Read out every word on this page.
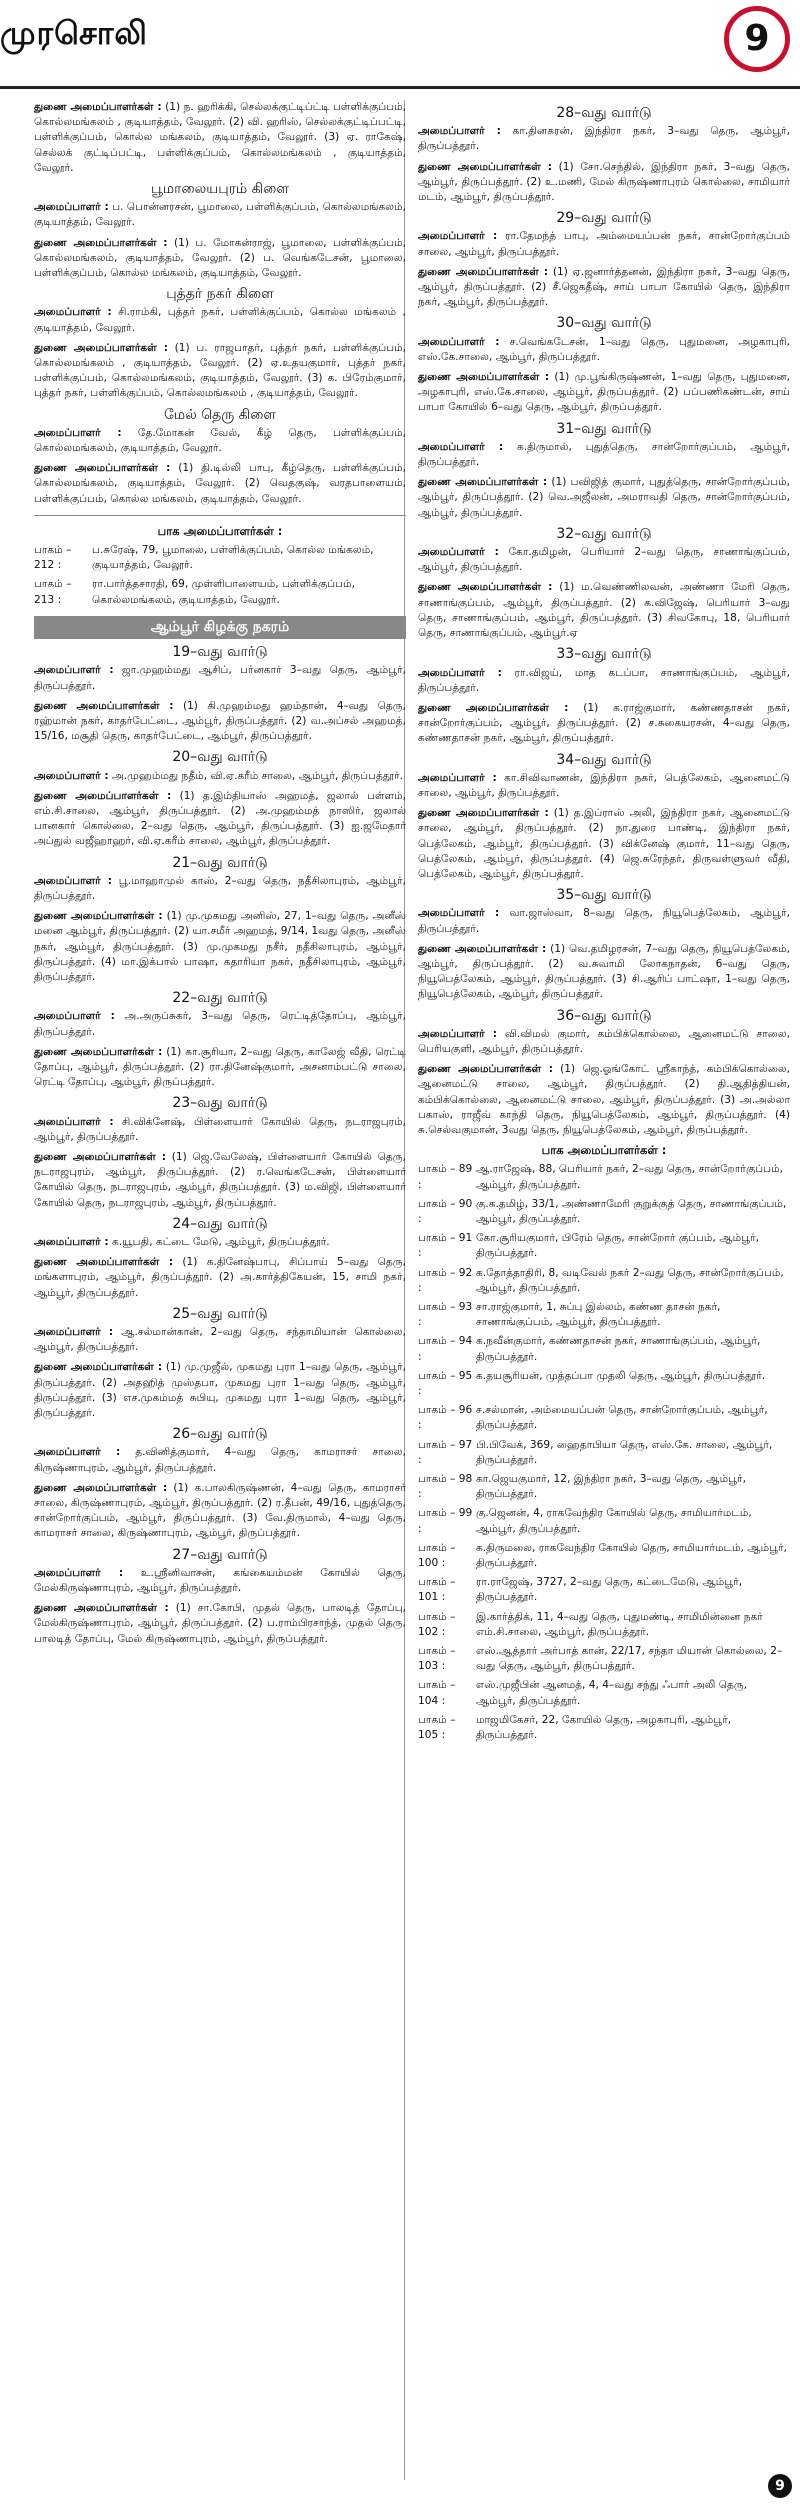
முரசொலி	9

துணை அமைப்பாளர்கள் : (1) ந. ஹரிக்கி, செல்லக்குட்டிப்ட்டி பள்ளிக்குப்பம், கொல்லமங்கலம் , குடியாத்தம், வேலூர். (2) வி. ஹரிஸ், செல்லக்குட்டிப்பட்டி, பள்ளிக்குப்பம், கொல்ல மங்கலம், குடியாத்தம், வேலூர். (3) ஏ. ராகேஷ், செல்லக் குட்டிப்பட்டி, பள்ளிக்குப்பம், கொல்லமங்கலம் , குடியாத்தம், வேலூர்.

பூமாலையபுரம் கிளை

அமைப்பாளர் : ப. பொன்னரசன், பூமாலை, பள்ளிக்குப்பம், கொல்லமங்கலம், குடியாத்தம், வேலூர்.

துணை அமைப்பாளர்கள் : (1) ப. மோகன்ராஜ், பூமாலை, பள்ளிக்குப்பம், கொல்லமங்கலம், குடியாத்தம், வேலூர். (2) ப. வெங்கடேசன், பூமாலை, பள்ளிக்குப்பம், கொல்ல மங்கலம், குடியாத்தம், வேலூர்.

புத்தர் நகர் கிளை

அமைப்பாளர் : சி.ராம்கி, புத்தர் நகர், பள்ளிக்குப்பம், கொல்ல மங்கலம் , குடியாத்தம், வேலூர்.

துணை அமைப்பாளர்கள் : (1) ப. ராஜபாதர், புத்தர் நகர், பள்ளிக்குப்பம், கொல்லமங்கலம் , குடியாத்தம், வேலூர். (2) ஏ.உதயகுமார், புத்தர் நகர், பள்ளிக்குப்பம், கொல்லமங்கலம், குடியாத்தம், வேலூர். (3) க. பிரேம்குமார், புத்தர் நகர், பள்ளிக்குப்பம், கொல்லமங்கலம் , குடியாத்தம், வேலூர்.

மேல் தெரு கிளை

அமைப்பாளர் : தே.மோகன் வேல், கீழ் தெரு, பள்ளிக்குப்பம், கொல்லமங்கலம், குடியாத்தம், வேலூர்.

துணை அமைப்பாளர்கள் : (1) தி.டில்லி பாபு, கீழ்தெரு, பள்ளிக்குப்பம், கொல்லமங்கலம், குடியாத்தம், வேலூர். (2) வெதகுஷ், வரதபாளையம், பள்ளிக்குப்பம், கொல்ல மங்கலம், குடியாத்தம், வேலூர்.

பாக அமைப்பாளர்கள் :
பாகம் – 212 :
ப.சுரேஷ், 79, பூமாலை, பள்ளிக்குப்பம், கொல்ல மங்கலம், குடியாத்தம், வேலூர்.
பாகம் – 213 :
ரா.பார்த்தசாரதி, 69, முள்ளிபாளையம், பள்ளிக்குப்பம், கொல்லமங்கலம், குடியாத்தம், வேலூர்.
ஆம்பூர் கிழக்கு நகரம்
19–வது வார்டு

அமைப்பாளர் : ஜா.முஹம்மது ஆசிப், பர்னகார் 3–வது தெரு, ஆம்பூர், திருப்பத்தூர்.

துணை அமைப்பாளர்கள் : (1) கி.முஹம்மது ஹம்தான், 4–வது தெரு, ரஹ்மான் நகர், காதர்பேட்டை, ஆம்பூர், திருப்பத்தூர். (2) வ.அப்சல் அஹமத், 15/16, மசூதி தெரு, காதர்பேட்டை, ஆம்பூர், திருப்பத்தூர்.

20–வது வார்டு

அமைப்பாளர் : அ.முஹம்மது நதீம், வி.ஏ.கரீம் சாலை, ஆம்பூர், திருப்பத்தூர்.

துணை அமைப்பாளர்கள் : (1) த.இம்தியாஸ் அஹமத், ஜலால் பள்ளம், எம்.சி.சாலை, ஆம்பூர், திருப்பத்தூர். (2) அ.முஹம்மத் நாஸிர், ஜலால் பானகார் கொல்லை, 2–வது தெரு, ஆம்பூர், திருப்பத்தூர். (3) ஐ.ஜமேதார் அப்துல் வஜீஹாஹர், வி.ஏ.கரீம் சாலை, ஆம்பூர், திருப்பத்தூர்.

21–வது வார்டு

அமைப்பாளர் : பூ.மாஹாமுல் காஸ், 2–வது தெரு, நதீசிலாபுரம், ஆம்பூர், திருப்பத்தூர்.

துணை அமைப்பாளர்கள் : (1) மு.முகமது அனிஸ், 27, 1–வது தெரு, அனீஸ் மனை ஆம்பூர், திருப்பத்தூர். (2) யா.சமீர் அஹமத், 9/14, 1வது தெரு, அனீஸ் நகர், ஆம்பூர், திருப்பத்தூர். (3) மு.முகமது நசீர், நதீசிலாபுரம், ஆம்பூர், திருப்பத்தூர். (4) மா.இக்பால் பாஷா, கதாரியா நகர், நதீசிலாபுரம், ஆம்பூர், திருப்பத்தூர்.

22–வது வார்டு

அமைப்பாளர் : அ.அருப்சுகர், 3–வது தெரு, ரெட்டித்தோப்பு, ஆம்பூர், திருப்பத்தூர்.

துணை அமைப்பாளர்கள் : (1) கா.சூரியா, 2–வது தெரு, காலேஜ் வீதி, ரெட்டி தோப்பு, ஆம்பூர், திருப்பத்தூர். (2) ரா.தினேஷ்குமார், அசனாம்பட்டு சாலை, ரெட்டி தோப்பு, ஆம்பூர், திருப்பத்தூர்.

23–வது வார்டு

அமைப்பாளர் : சி.விக்னேஷ், பிள்ளையார் கோயில் தெரு, நடராஜபுரம், ஆம்பூர், திருப்பத்தூர்.

துணை அமைப்பாளர்கள் : (1) ஜெ.வேலேஷ், பிள்ளையார் கோயில் தெரு, நடராஜபுரம், ஆம்பூர், திருப்பத்தூர். (2) ர.வெங்கடேசன், பிள்ளையார் கோயில் தெரு, நடராஜபுரம், ஆம்பூர், திருப்பத்தூர். (3) ம.விஜி, பிள்ளையார் கோயில் தெரு, நடராஜபுரம், ஆம்பூர், திருப்பத்தூர்.

24–வது வார்டு

அமைப்பாளர் : க.யூபதி, கட்டை மேடு, ஆம்பூர், திருப்பத்தூர்.

துணை அமைப்பாளர்கள் : (1) க.தினேஷ்பாபு, சிப்பாய் 5–வது தெரு, மங்களாபுரம், ஆம்பூர், திருப்பத்தூர். (2) அ.கார்த்திகேயன், 15, சாமி நகர், ஆம்பூர், திருப்பத்தூர்.

25–வது வார்டு

அமைப்பாளர் : ஆ.சல்மான்கான், 2–வது தெரு, சந்தாமியான் கொல்லை, ஆம்பூர், திருப்பத்தூர்.

துணை அமைப்பாளர்கள் : (1) மு.முஜீல், முகமது புரா 1–வது தெரு, ஆம்பூர், திருப்பத்தூர். (2) அதஹித் முஸ்தபா, முகமது புரா 1–வது தெரு, ஆம்பூர், திருப்பத்தூர். (3) எச.முகம்மத் சுபியு, முகமது புரா 1–வது தெரு, ஆம்பூர், திருப்பத்தூர்.

26–வது வார்டு

அமைப்பாளர் : த.வினித்குமார், 4–வது தெரு, காமராசர் சாலை, கிருஷ்ணாபுரம், ஆம்பூர், திருப்பத்தூர்.

துணை அமைப்பாளர்கள் : (1) க.பாலகிருஷ்ணன், 4–வது தெரு, காமராசர் சாலை, கிருஷ்ணாபுரம், ஆம்பூர், திருப்பத்தூர். (2) ர.தீபன், 49/16, புதுத்தெரு, சான்றோர்குப்பம், ஆம்பூர், திருப்பத்தூர். (3) வே.திருமால், 4–வது தெரு, காமராசர் சாலை, கிருஷ்ணாபுரம், ஆம்பூர், திருப்பத்தூர்.

27–வது வார்டு

அமைப்பாளர் : உ.ஸ்ரீனிவாசன், கங்கையம்மன் கோயில் தெரு, மேல்கிருஷ்ணாபுரம், ஆம்பூர், திருப்பத்தூர்.

துணை அமைப்பாளர்கள் : (1) சா.கோபி, முதல் தெரு, பாலடித் தோப்பு, மேல்கிருஷ்ணாபுரம், ஆம்பூர், திருப்பத்தூர். (2) ப.ராம்பிரசாந்த், முதல் தெரு, பாலடித் தோப்பு, மேல் கிருஷ்ணாபுரம், ஆம்பூர், திருப்பத்தூர்.

28–வது வார்டு

அமைப்பாளர் : கா.தினகரன், இந்திரா நகர், 3–வது தெரு, ஆம்பூர், திருப்பத்தூர்.

துணை அமைப்பாளர்கள் : (1) சோ.செந்தில், இந்திரா நகர், 3–வது தெரு, ஆம்பூர், திருப்பத்தூர். (2) உ.மணி, மேல் கிருஷ்ணாபுரம் கொல்லை, சாமியார் மடம், ஆம்பூர், திருப்பத்தூர்.

29–வது வார்டு

அமைப்பாளர் : ரா.தேமந்த் பாபு, அம்மையப்பன் நகர், சான்றோர்குப்பம் சாலை, ஆம்பூர், திருப்பத்தூர்.

துணை அமைப்பாளர்கள் : (1) ஏ.ஜனார்த்தனன், இந்திரா நகர், 3–வது தெரு, ஆம்பூர், திருப்பத்தூர். (2) சீ.ஜெகதீஷ், சாய் பாபா கோயில் தெரு, இந்திரா நகர், ஆம்பூர், திருப்பத்தூர்.

30–வது வார்டு

அமைப்பாளர் : ச.வெங்கடேசன், 1–வது தெரு, புதுமனை, அழகாபுரி, எஸ்.கே.சாலை, ஆம்பூர், திருப்பத்தூர்.

துணை அமைப்பாளர்கள் : (1) மு.பூங்கிருஷ்ணன், 1–வது தெரு, புதுமனை, அழகாபுரி, எஸ்.கே.சாலை, ஆம்பூர், திருப்பத்தூர். (2) பப்பணிகண்டன், சாய் பாபா கோயில் 6–வது தெரு, ஆம்பூர், திருப்பத்தூர்.

31–வது வார்டு

அமைப்பாளர் : க.திருமால், புதுத்தெரு, சான்றோர்குப்பம், ஆம்பூர், திருப்பத்தூர்.

துணை அமைப்பாளர்கள் : (1) பவிஜித் குமார், புதுத்தெரு, சான்றோர்குப்பம், ஆம்பூர், திருப்பத்தூர். (2) வெ.அஜீலன், அமராவதி தெரு, சான்றோர்குப்பம், ஆம்பூர், திருப்பத்தூர்.

32–வது வார்டு

அமைப்பாளர் : கோ.தமிழன், பெரியார் 2–வது தெரு, சாணாங்குப்பம், ஆம்பூர், திருப்பத்தூர்.

துணை அமைப்பாளர்கள் : (1) ம.வெண்ணிலவன், அண்ணா மேரி தெரு, சாணாங்குப்பம், ஆம்பூர், திருப்பத்தூர். (2) க.விஜேஷ், பெரியார் 3–வது தெரு, சாணாங்குப்பம், ஆம்பூர், திருப்பத்தூர். (3) சிவகோபு, 18, பெரியார் தெரு, சாணாங்குப்பம், ஆம்பூர்.ஏ

33–வது வார்டு

அமைப்பாளர் : ரா.விஜய், மாத கடப்பா, சாணாங்குப்பம், ஆம்பூர், திருப்பத்தூர்.

துணை அமைப்பாளர்கள் : (1) க.ராஜ்குமார், கண்ணதாசன் நகர், சான்றோர்குப்பம், ஆம்பூர், திருப்பத்தூர். (2) ச.சுகையரசன், 4–வது தெரு, கண்ணதாசன் நகர், ஆம்பூர், திருப்பத்தூர்.

34–வது வார்டு

அமைப்பாளர் : கா.சிவிவாணன், இந்திரா நகர், பெத்லேகம், ஆனைமட்டு சாலை, ஆம்பூர், திருப்பத்தூர்.

துணை அமைப்பாளர்கள் : (1) த.இப்ராஸ் அலி, இந்திரா நகர், ஆனைமட்டு சாலை, ஆம்பூர், திருப்பத்தூர். (2) நா.துரை பாண்டி, இந்திரா நகர், பெத்லேகம், ஆம்பூர், திருப்பத்தூர். (3) விக்னேஷ் குமார், 11–வது தெரு, பெத்லேகம், ஆம்பூர், திருப்பத்தூர். (4) ஜெ.சுரேந்தர், திருவள்ளுவர் வீதி, பெத்லேகம், ஆம்பூர், திருப்பத்தூர்.

35–வது வார்டு

அமைப்பாளர் : வா.ஜாஸ்வா, 8–வது தெரு, நியூபெத்லேகம், ஆம்பூர், திருப்பத்தூர்.

துணை அமைப்பாளர்கள் : (1) வெ.தமிழரசன், 7–வது தெரு, நியூபெத்லேகம், ஆம்பூர், திருப்பத்தூர். (2) வ.சுவாமி லோகநாதன், 6–வது தெரு, நியூபெத்லேகம், ஆம்பூர், திருப்பத்தூர். (3) சி.ஆரிப் பாட்ஷா, 1–வது தெரு, நியூபெத்லேகம், ஆம்பூர், திருப்பத்தூர்.

36–வது வார்டு

அமைப்பாளர் : வி.விமல் குமார், கம்பிக்கொல்லை, ஆனைமட்டு சாலை, பெரியகுளி, ஆம்பூர், திருப்பத்தூர்.

துணை அமைப்பாளர்கள் : (1) ஜெ.ஓங்கோட் ஸ்ரீகாந்த், கம்பிக்கொல்லை, ஆனைமட்டு சாலை, ஆம்பூர், திருப்பத்தூர். (2) தி.ஆதித்தியன், கம்பிக்கொல்லை, ஆனைமட்டு சாலை, ஆம்பூர், திருப்பத்தூர். (3) அ.அல்லா பகாஸ், ராஜீவ் காந்தி தெரு, நியூபெத்லேகம், ஆம்பூர், திருப்பத்தூர். (4) சு.செல்வகுமான், 3வது தெரு, நியூபெத்லேகம், ஆம்பூர், திருப்பத்தூர்.

பாக அமைப்பாளர்கள் :
பாகம் – 89 :
ஆ.ராஜேஷ், 88, பெரியார் நகர், 2–வது தெரு, சான்றோர்குப்பம், ஆம்பூர், திருப்பத்தூர்.
பாகம் – 90 :
கு.க.தமிழ், 33/1, அண்ணாமேரி குறுக்குத் தெரு, சாணாங்குப்பம், ஆம்பூர், திருப்பத்தூர்.
பாகம் – 91 :
கோ.சூரியகுமார், பிரேம் தெரு, சான்றோர் குப்பம், ஆம்பூர், திருப்பத்தூர்.
பாகம் – 92 :
க.தோத்தாதிரி, 8, வடிவேல் நகர் 2–வது தெரு, சான்றோர்குப்பம், ஆம்பூர், திருப்பத்தூர்.
பாகம் – 93 :
சா.ராஜ்குமார், 1, சுப்பு இல்லம், கண்ண தாசன் நகர், சாணாங்குப்பம், ஆம்பூர், திருப்பத்தூர்.
பாகம் – 94 :
க.நவீன்குமார், கண்ணதாசன் நகர், சாணாங்குப்பம், ஆம்பூர், திருப்பத்தூர்.
பாகம் – 95 :
க.தயசூரியன், முத்தப்பா முதலி தெரு, ஆம்பூர், திருப்பத்தூர்.
பாகம் – 96 :
ச.சல்மான், அம்மையப்பன் தெரு, சான்றோர்குப்பம், ஆம்பூர், திருப்பத்தூர்.
பாகம் – 97 :
பி.பிவேக், 369, ஹைதாபியா தெரு, எஸ்.கே. சாலை, ஆம்பூர், திருப்பத்தூர்.
பாகம் – 98 :
கா.ஜெயகுமார், 12, இந்திரா நகர், 3–வது தெரு, ஆம்பூர், திருப்பத்தூர்.
பாகம் – 99 :
கு.ஜெனன், 4, ராகவேந்திர கோயில் தெரு, சாமியார்மடம், ஆம்பூர், திருப்பத்தூர்.
பாகம் – 100 :
க.திருமலை, ராகவேந்திர கோயில் தெரு, சாமியார்மடம், ஆம்பூர், திருப்பத்தூர்.
பாகம் – 101 :
ரா.ராஜேஷ், 3727, 2–வது தெரு, கட்டைமேடு, ஆம்பூர், திருப்பத்தூர்.
பாகம் – 102 :
இ.கார்த்திக், 11, 4–வது தெரு, புதுமண்டி, சாமிமின்னை நகர் எம்.சி.சாலை, ஆம்பூர், திருப்பத்தூர்.
பாகம் – 103 :
எஸ்.ஆத்தார் அர்பாத் கான், 22/17, சந்தா மியான் கொல்லை, 2–வது தெரு, ஆம்பூர், திருப்பத்தூர்.
பாகம் – 104 :
எஸ்.முஜீபின் ஆனமத், 4, 4–வது சந்து ஃபார் அலி தெரு, ஆம்பூர், திருப்பத்தூர்.
பாகம் – 105 :
மாஜமிகேசர், 22, கோயில் தெரு, அழகாபுரி, ஆம்பூர், திருப்பத்தூர்.
9
